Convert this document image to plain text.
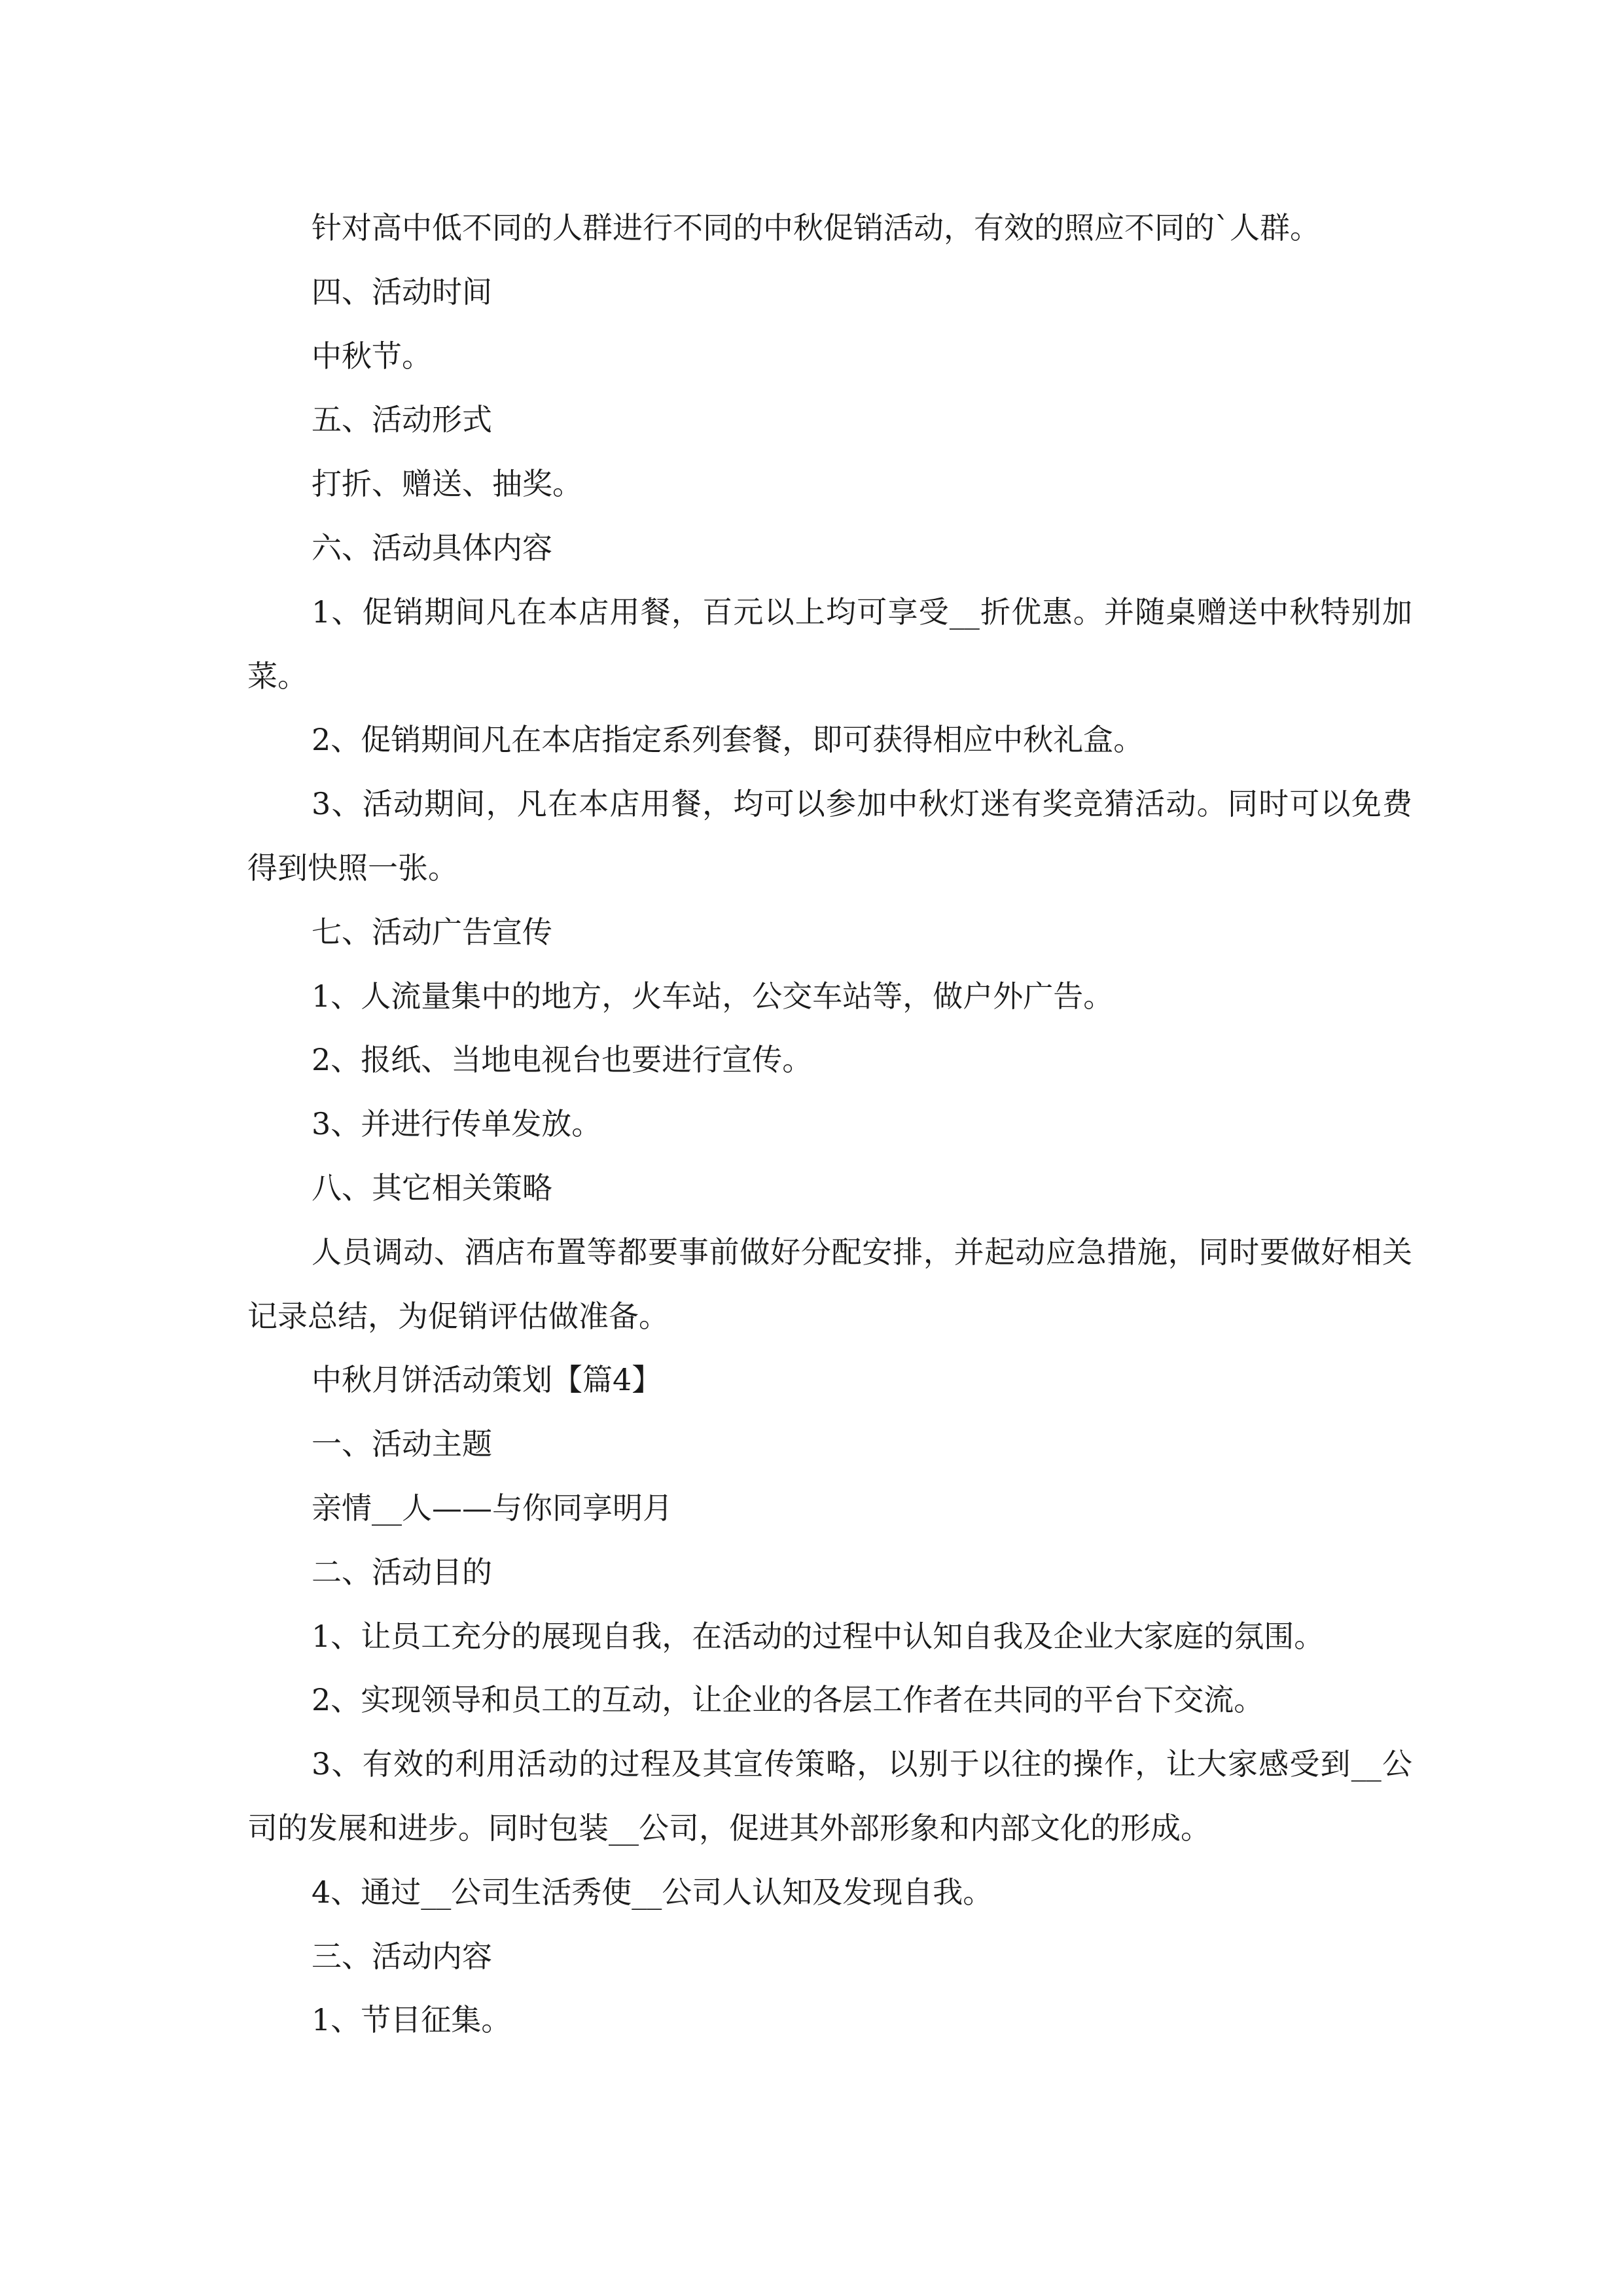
针对高中低不同的人群进行不同的中秋促销活动，有效的照应不同的`人群。

四、活动时间

中秋节。

五、活动形式

打折、赠送、抽奖。

六、活动具体内容

1、促销期间凡在本店用餐，百元以上均可享受__折优惠。并随桌赠送中秋特别加菜。

2、促销期间凡在本店指定系列套餐，即可获得相应中秋礼盒。

3、活动期间，凡在本店用餐，均可以参加中秋灯迷有奖竞猜活动。同时可以免费得到快照一张。

七、活动广告宣传

1、人流量集中的地方，火车站，公交车站等，做户外广告。

2、报纸、当地电视台也要进行宣传。

3、并进行传单发放。

八、其它相关策略

人员调动、酒店布置等都要事前做好分配安排，并起动应急措施，同时要做好相关记录总结，为促销评估做准备。

中秋月饼活动策划【篇4】

一、活动主题

亲情__人——与你同享明月

二、活动目的

1、让员工充分的展现自我，在活动的过程中认知自我及企业大家庭的氛围。

2、实现领导和员工的互动，让企业的各层工作者在共同的平台下交流。

3、有效的利用活动的过程及其宣传策略，以别于以往的操作，让大家感受到__公司的发展和进步。同时包装__公司，促进其外部形象和内部文化的形成。

4、通过__公司生活秀使__公司人认知及发现自我。

三、活动内容

1、节目征集。
